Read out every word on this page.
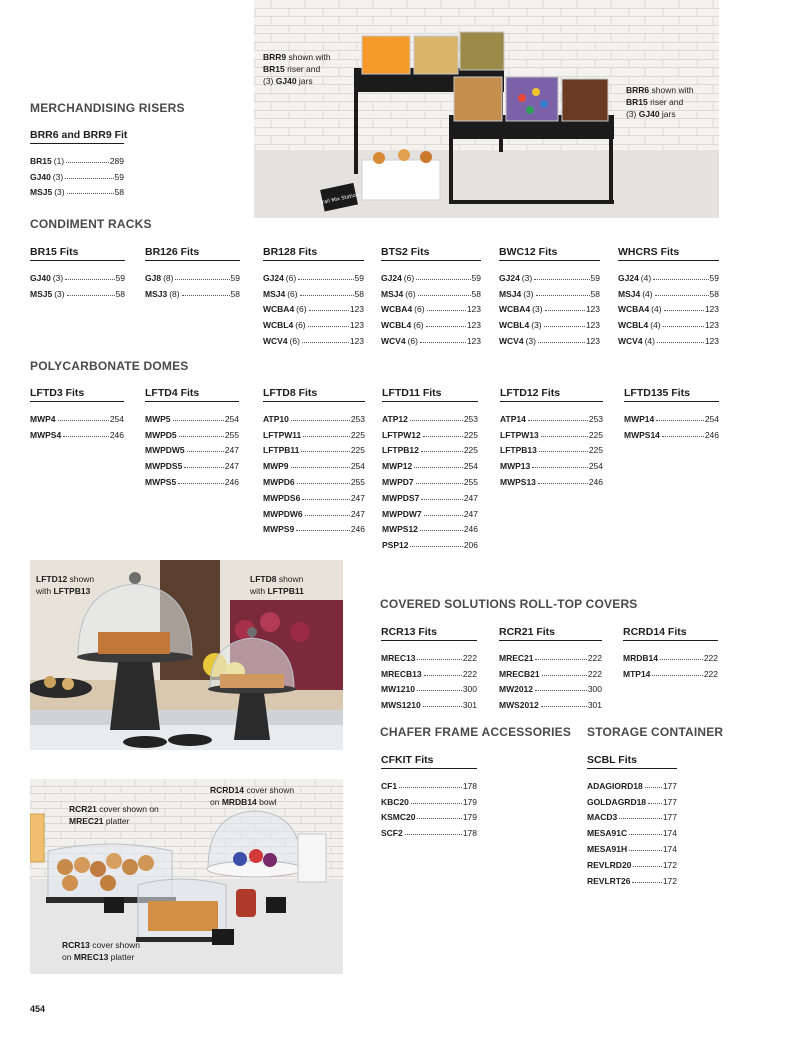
MERCHANDISING RISERS
BRR6 and BRR9 Fit
BR15 (1)	289
GJ40 (3)	59
MSJ5 (3)	58
CONDIMENT RACKS
BR15 Fits
GJ40 (3)	59
MSJ5 (3)	58
BR126 Fits
GJ8 (8)	59
MSJ3 (8)	58
BR128 Fits
GJ24 (6)	59
MSJ4 (6)	58
WCBA4 (6)	123
WCBL4 (6)	123
WCV4 (6)	123
BTS2 Fits
GJ24 (6)	59
MSJ4 (6)	58
WCBA4 (6)	123
WCBL4 (6)	123
WCV4 (6)	123
BWC12 Fits
GJ24 (3)	59
MSJ4 (3)	58
WCBA4 (3)	123
WCBL4 (3)	123
WCV4 (3)	123
WHCRS Fits
GJ24 (4)	59
MSJ4 (4)	58
WCBA4 (4)	123
WCBL4 (4)	123
WCV4 (4)	123
POLYCARBONATE DOMES
LFTD3 Fits
MWP4	254
MWPS4	246
LFTD4 Fits
MWP5	254
MWPD5	255
MWPDW5	247
MWPDS5	247
MWPS5	246
LFTD8 Fits
ATP10	253
LFTPW11	225
LFTPB11	225
MWP9	254
MWPD6	255
MWPDS6	247
MWPDW6	247
MWPS9	246
LFTD11 Fits
ATP12	253
LFTPW12	225
LFTPB12	225
MWP12	254
MWPD7	255
MWPDS7	247
MWPDW7	247
MWPS12	246
PSP12	206
LFTD12 Fits
ATP14	253
LFTPW13	225
LFTPB13	225
MWP13	254
MWPS13	246
LFTD135 Fits
MWP14	254
MWPS14	246
COVERED SOLUTIONS ROLL-TOP COVERS
RCR13 Fits
MREC13	222
MRECB13	222
MW1210	300
MWS1210	301
RCR21 Fits
MREC21	222
MRECB21	222
MW2012	300
MWS2012	301
RCRD14 Fits
MRDB14	222
MTP14	222
CHAFER FRAME ACCESSORIES
CFKIT Fits
CF1	178
KBC20	179
KSMC20	179
SCF2	178
STORAGE CONTAINER
SCBL Fits
ADAGIORD18 177
GOLDAGRD18 177
MACD3	177
MESA91C	174
MESA91H	174
REVLRD20	172
REVLRT26	172
Trail Mix Station
BRR9 shown with
BR15 riser and
(3) GJ40 jars
BRR6 shown with
BR15 riser and
(3) GJ40 jars
LFTD12 shown
with LFTPB13
LFTD8 shown
with LFTPB11
RCR21 cover shown on
MREC21 platter
RCRD14 cover shown
on MRDB14 bowl
RCR13 cover shown
on MREC13 platter
454
